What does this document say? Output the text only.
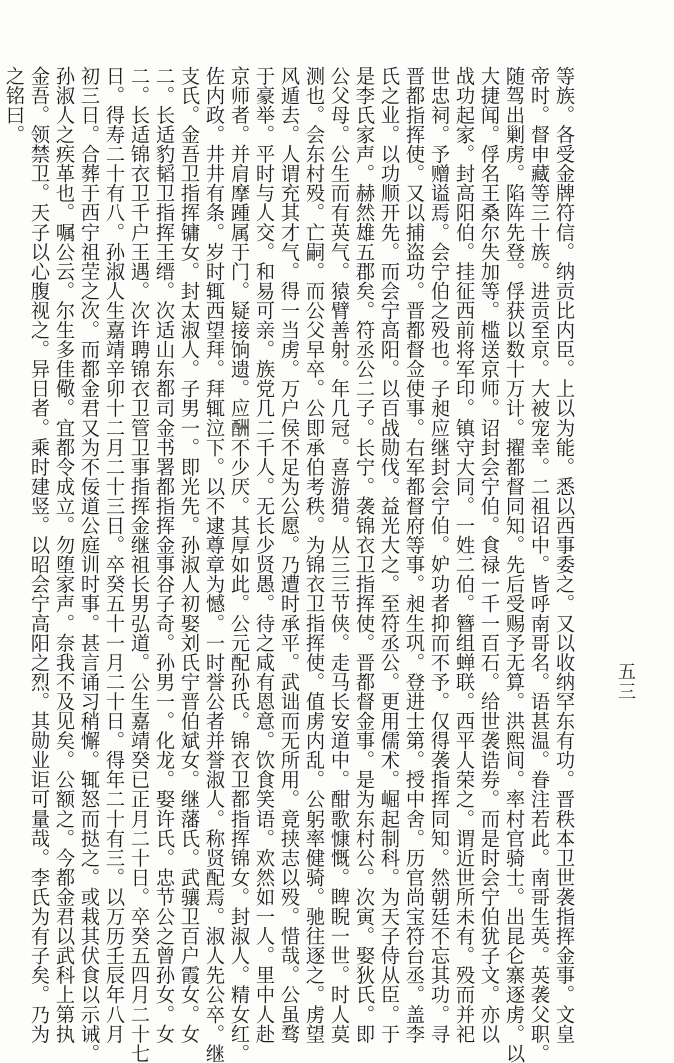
等族。各受金牌符信。纳贡比内臣。上以为能。悉以西事委之。又以收纳罕东有功。晋秩本卫世袭指挥金事。文皇
帝时。督申藏等三十族。进贡至京。大被宠幸。二祖诏中。皆呼南哥名。语甚温。眷注若此。南哥生英。英袭父职。
随驾出剿虏。陷阵先登。俘获以数十万计。擢都督同知。先后受赐予无算。洪熙间。率村官骑士。出昆仑寨逐虏。以
大捷闻。俘名王桑尔失加等。槛送京师。诏封会宁伯。食禄一千一百石。给世袭诰券。而是时会宁伯犹子文。亦以
战功起家。封高阳伯。挂征西前将军印。镇守大同。一姓二伯。簪组蝉联。西平人荣之。谓近世所未有。殁而并祀
世忠祠。予赠谥焉。会宁伯之殁也。子昶应继封会宁伯。妒功者抑而不予。仅得袭指挥同知。然朝廷不忘其功。寻
晋都指挥使。又以捕盗功。晋都督佥使事。右军都督府等事。昶生巩。登进士第。授中舍。历官尚宝符台丞。盖李
氏之业。以功顺开先。而会宁高阳。以百战勋伐。益光大之。至符丞公。更用儒术。崛起制科。为天子侍从臣。于
是李氏家声。赫然雄五郡矣。符丞公二子。长宁。袭锦衣卫指挥使。晋都督金事。是为东村公。次寅。娶狄氏。即
公父母。公生而有英气。猿臂善射。年几冠。喜游猎。从三三节侠。走马长安道中。酣歌慷慨。睥睨一世。时人莫
测也。会东村殁。亡嗣。而公父早卒。公即承伯考秩。为锦衣卫指挥使。值虏内乱。公躬率健骑。驰往逐之。虏望
风遁去。人谓充其才气。得一当虏。万户侯不足为公愿。乃遭时承平。武诎而无所用。竟挟志以殁。惜哉。公虽骛
于豪举。平时与人交。和易可亲。族党几二千人。无长少贤愚。待之咸有恩意。饮食笑语。欢然如一人。里中人赴
京师者。并肩摩踵属于门。疑接饷遗。应酬不少厌。其厚如此。公元配孙氏。锦衣卫都指挥锦女。封淑人。精女红。
佐内政。井井有条。岁时辄西望拜。拜辄泣下。以不逮尊章为憾。一时誉公者并誉淑人。称贤配焉。淑人先公卒。继
支氏。金吾卫指挥镛女。封太淑人。子男一。即光先。孙淑人初娶刘氏宁晋伯斌女。继藩氏。武骧卫百户霞女。女
二。长适豹韬卫指挥王缙。次适山东都司金书署都指挥金事谷子奇。孙男一。化龙。娶许氏。忠节公之曾孙女。女
二。长适锦衣卫千户王遇。次许聘锦衣卫管卫事指挥金继祖长男弘道。公生嘉靖癸已正月二十日。卒癸五四月二十七
日。得寿二十有八。孙淑人生嘉靖辛卯十二月二十三日。卒癸五十一月二十日。得年二十有三。以万历壬辰年八月
初三日。合葬于西宁祖茔之次。而都金君又为不佞道公庭训时事。甚言诵习稍懈。辄怒而挞之。或栽其伏食以示诫。
孙淑人之疾革也。嘱公云。尔生多佳儆。宜都令成立。勿堕家声。奈我不及见矣。公额之。今都金君以武科上第执
金吾。领禁卫。天子以心腹视之。异日者。乘时建竖。以昭会宁高阳之烈。其勋业讵可量哉。李氏为有子矣。乃为
之铭曰。
五三
